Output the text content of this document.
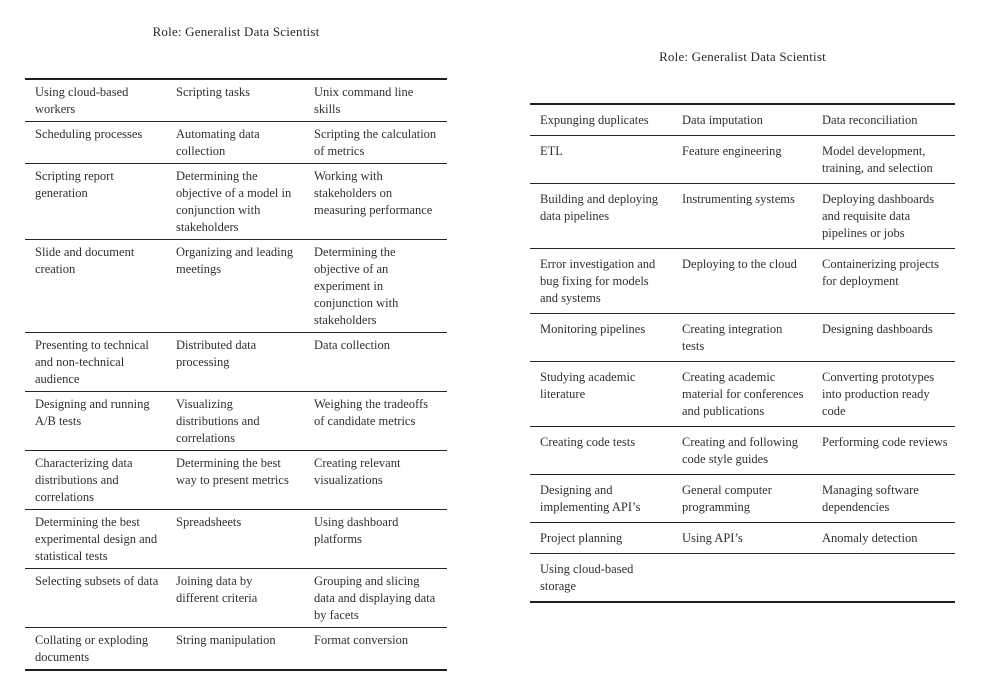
Role: Generalist Data Scientist
Using cloud-based workers	Scripting tasks	Unix command line skills
Scheduling processes	Automating data collection	Scripting the calculation of metrics
Scripting report generation	Determining the objective of a model in conjunction with stakeholders	Working with stakeholders on measuring performance
Slide and document creation	Organizing and leading meetings	Determining the objective of an experiment in conjunction with stakeholders
Presenting to technical and non-technical audience	Distributed data processing	Data collection
Designing and running A/B tests	Visualizing distributions and correlations	Weighing the tradeoffs of candidate metrics
Characterizing data distributions and correlations	Determining the best way to present metrics	Creating relevant visualizations
Determining the best experimental design and statistical tests	Spreadsheets	Using dashboard platforms
Selecting subsets of data	Joining data by different criteria	Grouping and slicing data and displaying data by facets
Collating or exploding documents	String manipulation	Format conversion
Role: Generalist Data Scientist
Expunging duplicates	Data imputation	Data reconciliation
ETL	Feature engineering	Model development, training, and selection
Building and deploying data pipelines	Instrumenting systems	Deploying dashboards and requisite data pipelines or jobs
Error investigation and bug fixing for models and systems	Deploying to the cloud	Containerizing projects for deployment
Monitoring pipelines	Creating integration tests	Designing dashboards
Studying academic literature	Creating academic material for conferences and publications	Converting prototypes into production ready code
Creating code tests	Creating and following code style guides	Performing code reviews
Designing and implementing API’s	General computer programming	Managing software dependencies
Project planning	Using API’s	Anomaly detection
Using cloud-based storage		
